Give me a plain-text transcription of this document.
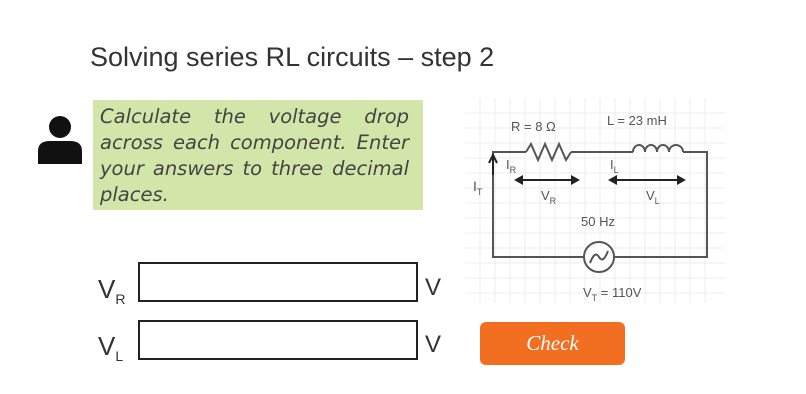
Solving series RL circuits – step 2
Calculate the voltage drop across each component. Enter your answers to three decimal places.
$V_R$	V
$V_L$	V	Check
R = 8 Ω	L = 23 mH
$I_T$
$I_R$	$I_L$
$V_R$	$V_L$
50 Hz
$V_T = 110V$
